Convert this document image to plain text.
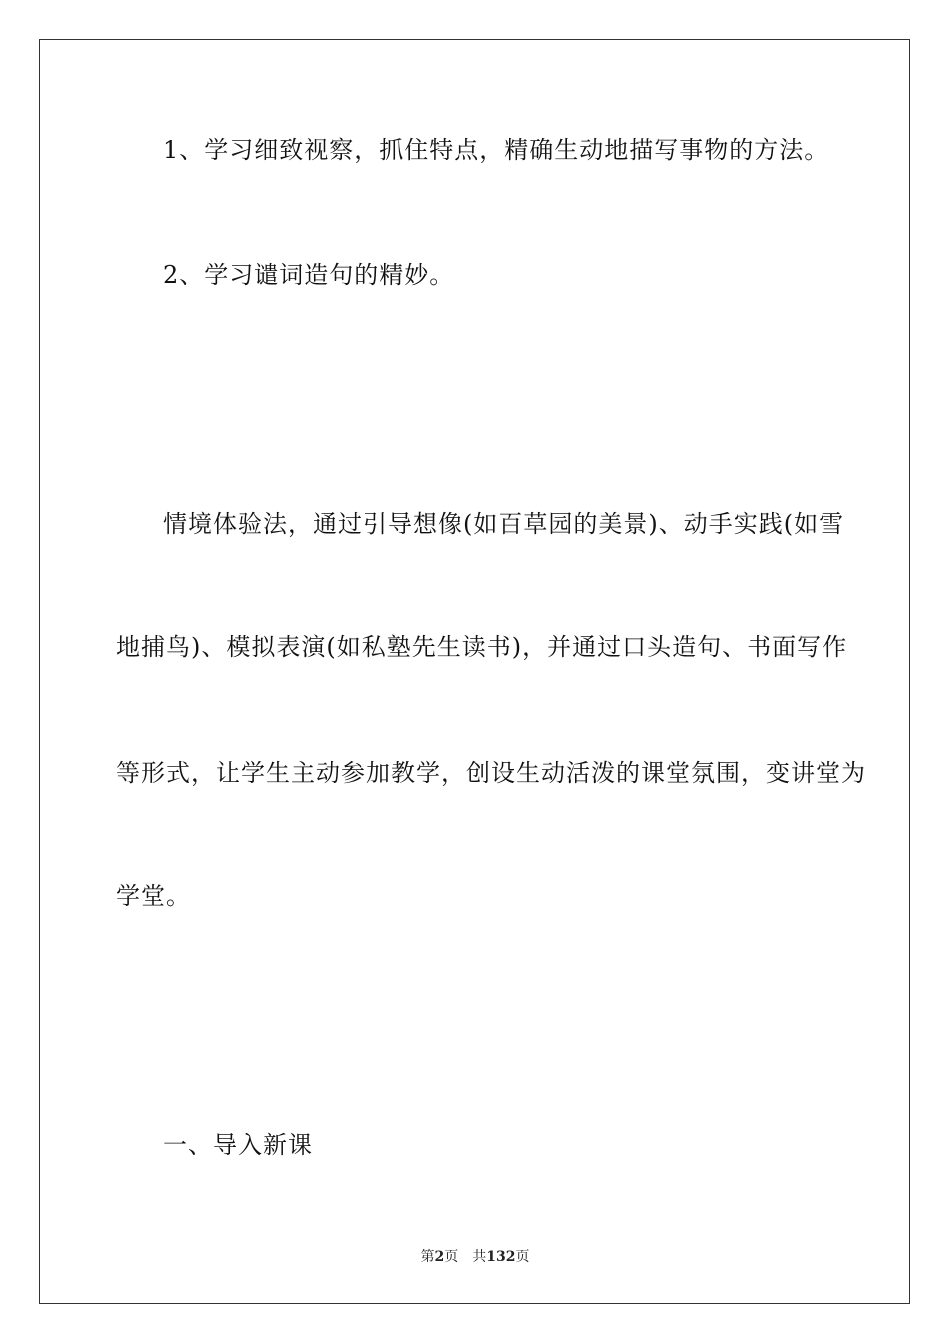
1、学习细致视察，抓住特点，精确生动地描写事物的方法。
2、学习谴词造句的精妙。
情境体验法，通过引导想像(如百草园的美景)、动手实践(如雪
地捕鸟)、模拟表演(如私塾先生读书)，并通过口头造句、书面写作
等形式，让学生主动参加教学，创设生动活泼的课堂氛围，变讲堂为
学堂。
一、导入新课
第2页 共132页
